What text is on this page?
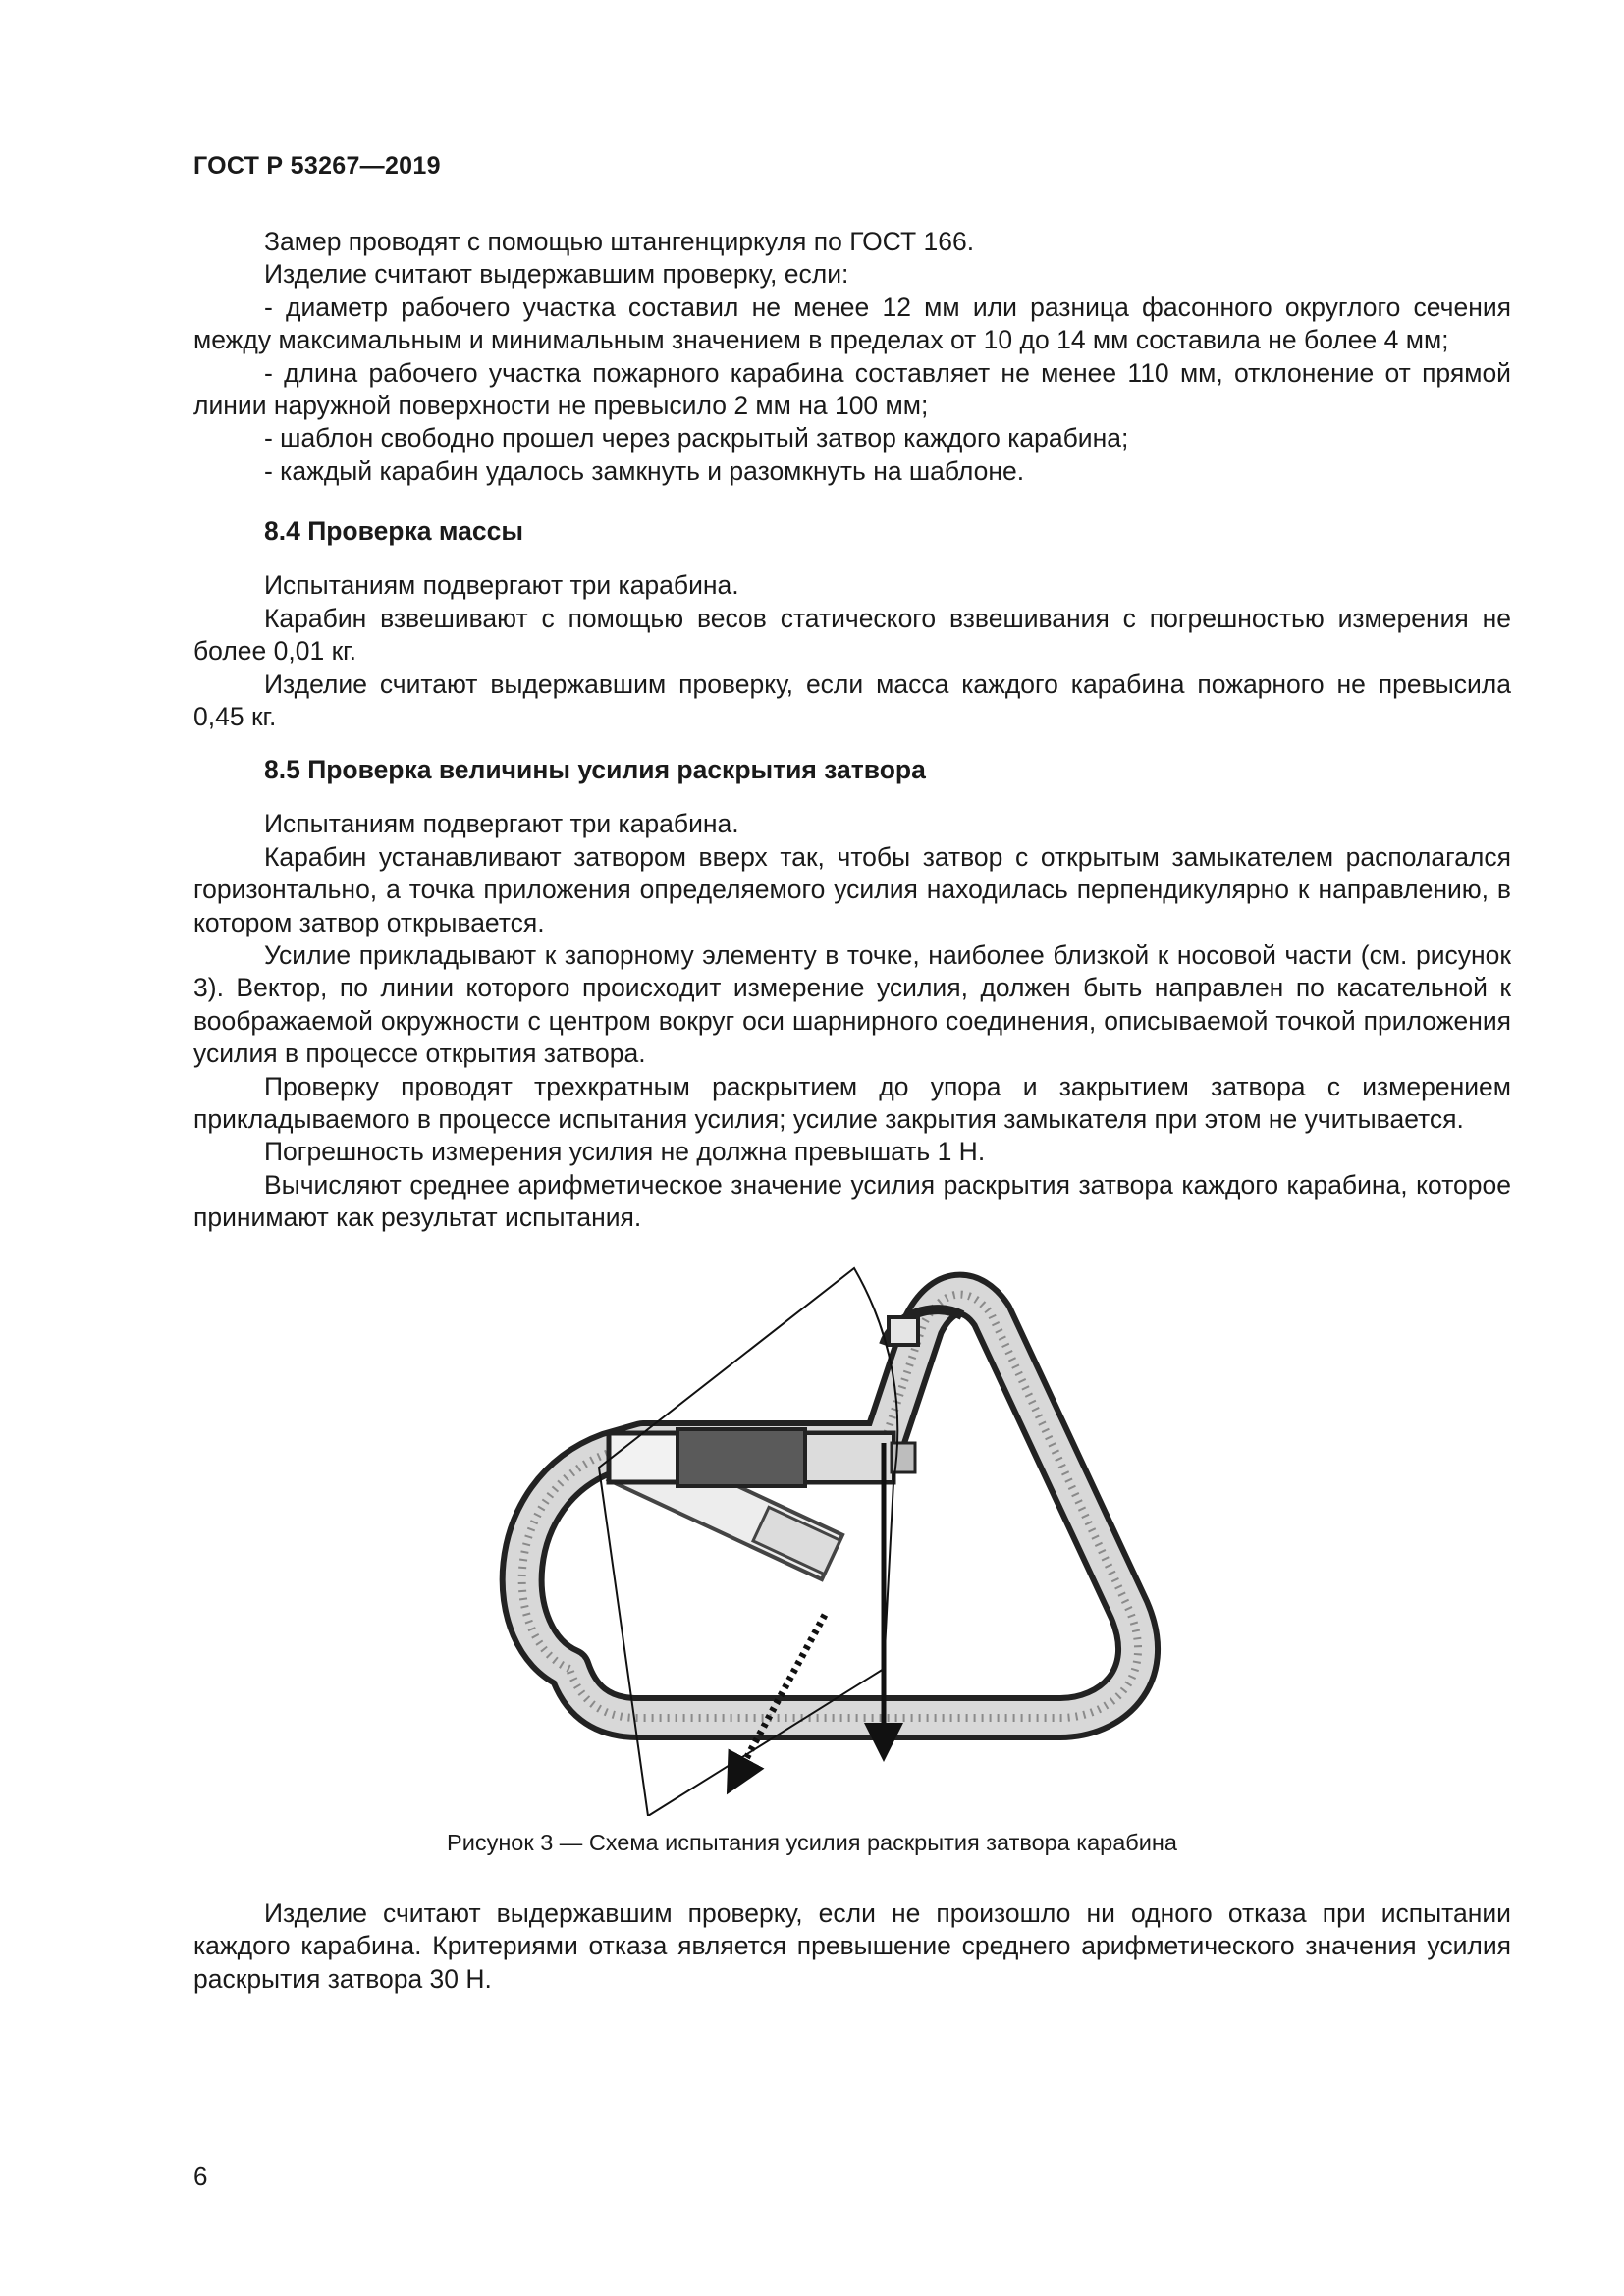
ГОСТ Р 53267—2019

Замер проводят с помощью штангенциркуля по ГОСТ 166.

Изделие считают выдержавшим проверку, если:

- диаметр рабочего участка составил не менее 12 мм или разница фасонного округлого сечения между максимальным и минимальным значением в пределах от 10 до 14 мм составила не более 4 мм;

- длина рабочего участка пожарного карабина составляет не менее 110 мм, отклонение от прямой линии наружной поверхности не превысило 2 мм на 100 мм;

- шаблон свободно прошел через раскрытый затвор каждого карабина;

- каждый карабин удалось замкнуть и разомкнуть на шаблоне.

8.4 Проверка массы

Испытаниям подвергают три карабина.

Карабин взвешивают с помощью весов статического взвешивания с погрешностью измерения не более 0,01 кг.

Изделие считают выдержавшим проверку, если масса каждого карабина пожарного не превысила 0,45 кг.

8.5 Проверка величины усилия раскрытия затвора

Испытаниям подвергают три карабина.

Карабин устанавливают затвором вверх так, чтобы затвор с открытым замыкателем располагался горизонтально, а точка приложения определяемого усилия находилась перпендикулярно к направлению, в котором затвор открывается.

Усилие прикладывают к запорному элементу в точке, наиболее близкой к носовой части (см. рисунок 3). Вектор, по линии которого происходит измерение усилия, должен быть направлен по касательной к воображаемой окружности с центром вокруг оси шарнирного соединения, описываемой точкой приложения усилия в процессе открытия затвора.

Проверку проводят трехкратным раскрытием до упора и закрытием затвора с измерением прикладываемого в процессе испытания усилия; усилие закрытия замыкателя при этом не учитывается.

Погрешность измерения усилия не должна превышать 1 Н.

Вычисляют среднее арифметическое значение усилия раскрытия затвора каждого карабина, которое принимают как результат испытания.

Рисунок 3 — Схема испытания усилия раскрытия затвора карабина

Изделие считают выдержавшим проверку, если не произошло ни одного отказа при испытании каждого карабина. Критериями отказа является превышение среднего арифметического значения усилия раскрытия затвора 30 Н.

6
